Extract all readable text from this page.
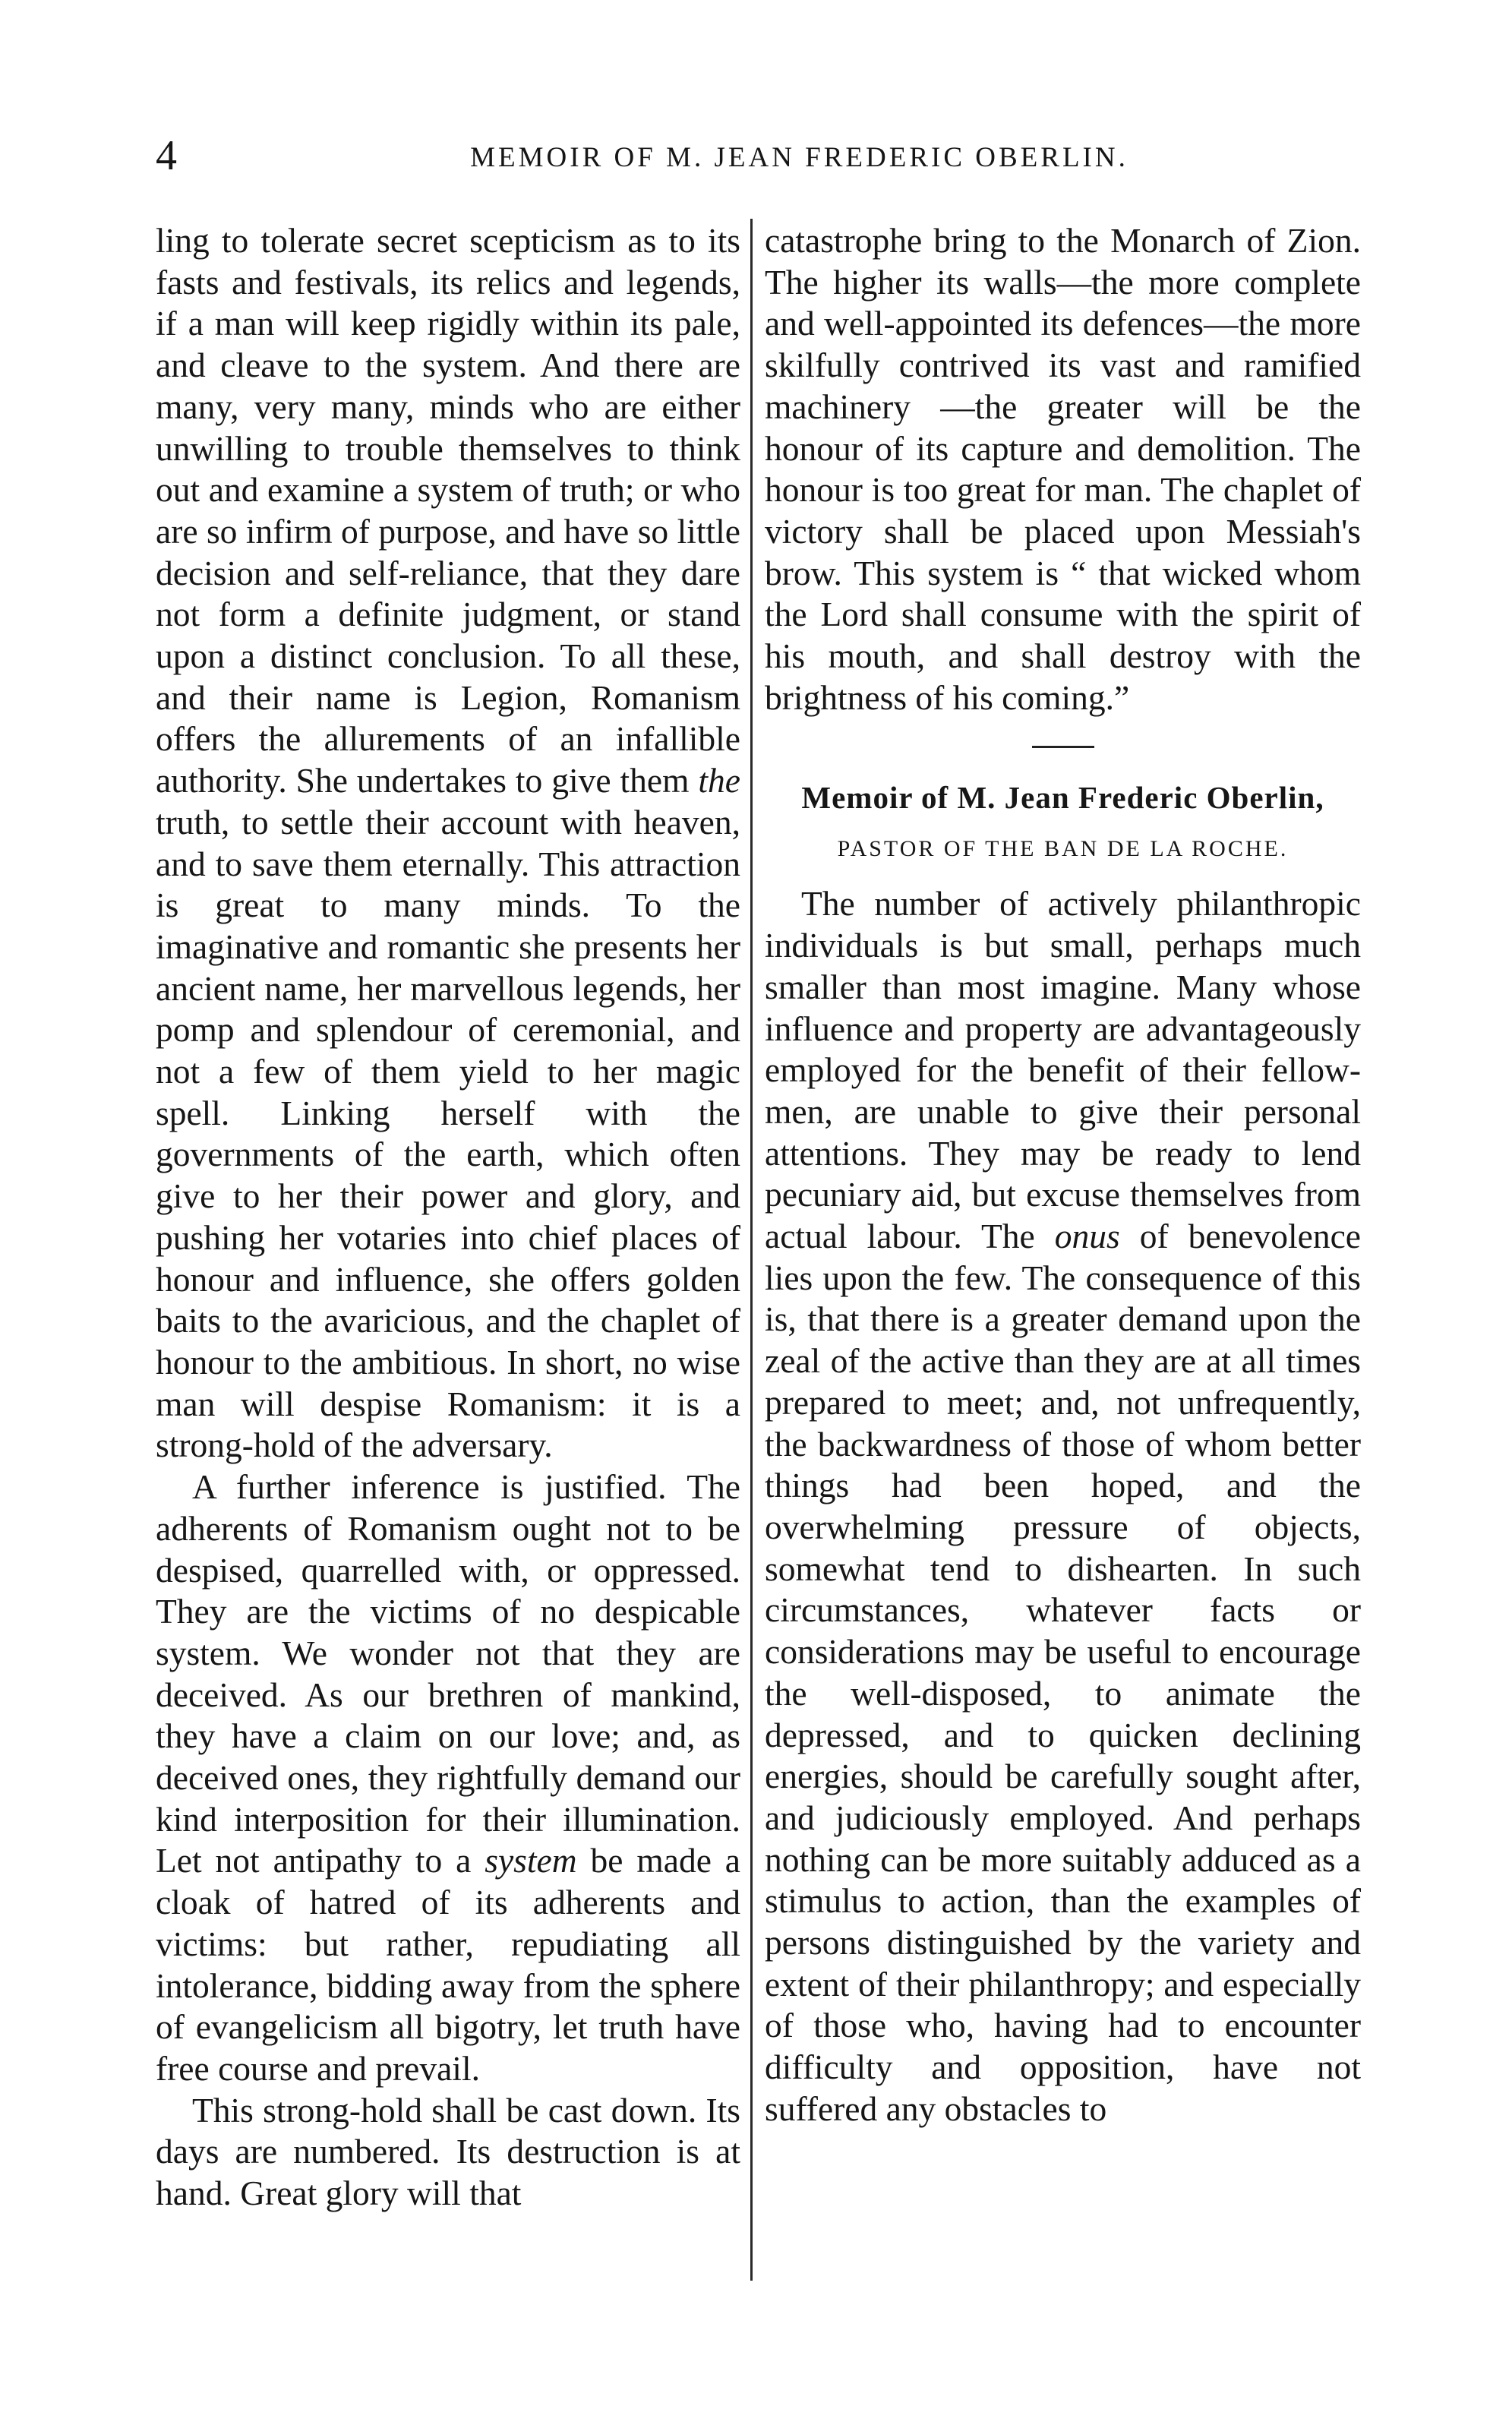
4	MEMOIR OF M. JEAN FREDERIC OBERLIN.

ling to tolerate secret scepticism as to its fasts and festivals, its relics and legends, if a man will keep rigidly within its pale, and cleave to the system. And there are many, very many, minds who are either unwilling to trouble themselves to think out and examine a system of truth; or who are so infirm of purpose, and have so little decision and self-reliance, that they dare not form a definite judgment, or stand upon a distinct conclusion. To all these, and their name is Legion, Romanism offers the allurements of an infallible authority. She undertakes to give them the truth, to settle their account with heaven, and to save them eternally. This attraction is great to many minds. To the imaginative and romantic she presents her ancient name, her marvellous legends, her pomp and splendour of ceremonial, and not a few of them yield to her magic spell. Linking herself with the governments of the earth, which often give to her their power and glory, and pushing her votaries into chief places of honour and influence, she offers golden baits to the avaricious, and the chaplet of honour to the ambitious. In short, no wise man will despise Romanism: it is a strong-hold of the adversary.

A further inference is justified. The adherents of Romanism ought not to be despised, quarrelled with, or oppressed. They are the victims of no despicable system. We wonder not that they are deceived. As our brethren of mankind, they have a claim on our love; and, as deceived ones, they rightfully demand our kind interposition for their illumination. Let not antipathy to a system be made a cloak of hatred of its adherents and victims: but rather, repudiating all intolerance, bidding away from the sphere of evangelicism all bigotry, let truth have free course and prevail.

This strong-hold shall be cast down. Its days are numbered. Its destruction is at hand. Great glory will that

catastrophe bring to the Monarch of Zion. The higher its walls—the more complete and well-appointed its defences—the more skilfully contrived its vast and ramified machinery —the greater will be the honour of its capture and demolition. The honour is too great for man. The chaplet of victory shall be placed upon Messiah's brow. This system is “ that wicked whom the Lord shall consume with the spirit of his mouth, and shall destroy with the brightness of his coming.”

Memoir of M. Jean Frederic Oberlin,
PASTOR OF THE BAN DE LA ROCHE.

The number of actively philanthropic individuals is but small, perhaps much smaller than most imagine. Many whose influence and property are advantageously employed for the benefit of their fellow-men, are unable to give their personal attentions. They may be ready to lend pecuniary aid, but excuse themselves from actual labour. The onus of benevolence lies upon the few. The consequence of this is, that there is a greater demand upon the zeal of the active than they are at all times prepared to meet; and, not unfrequently, the backwardness of those of whom better things had been hoped, and the overwhelming pressure of objects, somewhat tend to dishearten. In such circumstances, whatever facts or considerations may be useful to encourage the well-disposed, to animate the depressed, and to quicken declining energies, should be carefully sought after, and judiciously employed. And perhaps nothing can be more suitably adduced as a stimulus to action, than the examples of persons distinguished by the variety and extent of their philanthropy; and especially of those who, having had to encounter difficulty and opposition, have not suffered any obstacles to
